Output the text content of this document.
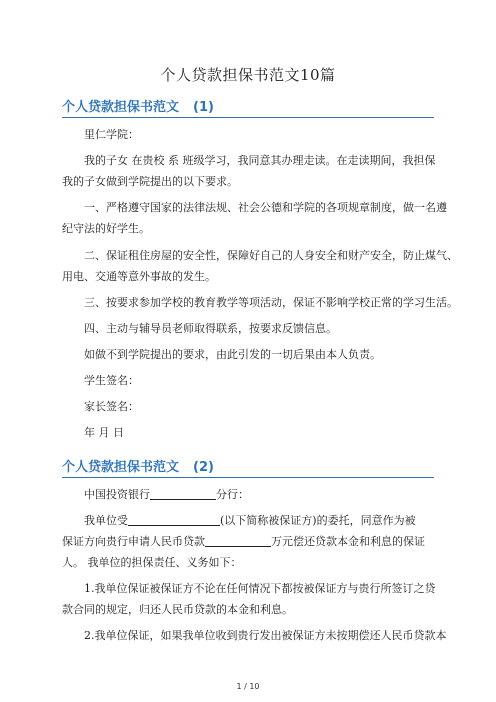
个人贷款担保书范文10篇
个人贷款担保书范文 (1)
里仁学院：
我的子女 在贵校 系 班级学习，我同意其办理走读。在走读期间，我担保
我的子女做到学院提出的以下要求。
一、严格遵守国家的法律法规、社会公德和学院的各项规章制度，做一名遵
纪守法的好学生。
二、保证租住房屋的安全性，保障好自己的人身安全和财产安全，防止煤气、
用电、交通等意外事故的发生。
三、按要求参加学校的教育教学等项活动，保证不影响学校正常的学习生活。
四、主动与辅导员老师取得联系，按要求反馈信息。
如做不到学院提出的要求，由此引发的一切后果由本人负责。
学生签名：
家长签名：
年 月 日
个人贷款担保书范文 (2)
中国投资银行	分行：
我单位受	(以下简称被保证方)的委托，同意作为被
保证方向贵行申请人民币贷款	万元偿还贷款本金和利息的保证
人。 我单位的担保责任、义务如下：
1.我单位保证被保证方不论在任何情况下都按被保证方与贵行所签订之贷
款合同的规定，归还人民币贷款的本金和利息。
2.我单位保证，如果我单位收到贵行发出被保证方未按期偿还人民币贷款本
1 / 10
